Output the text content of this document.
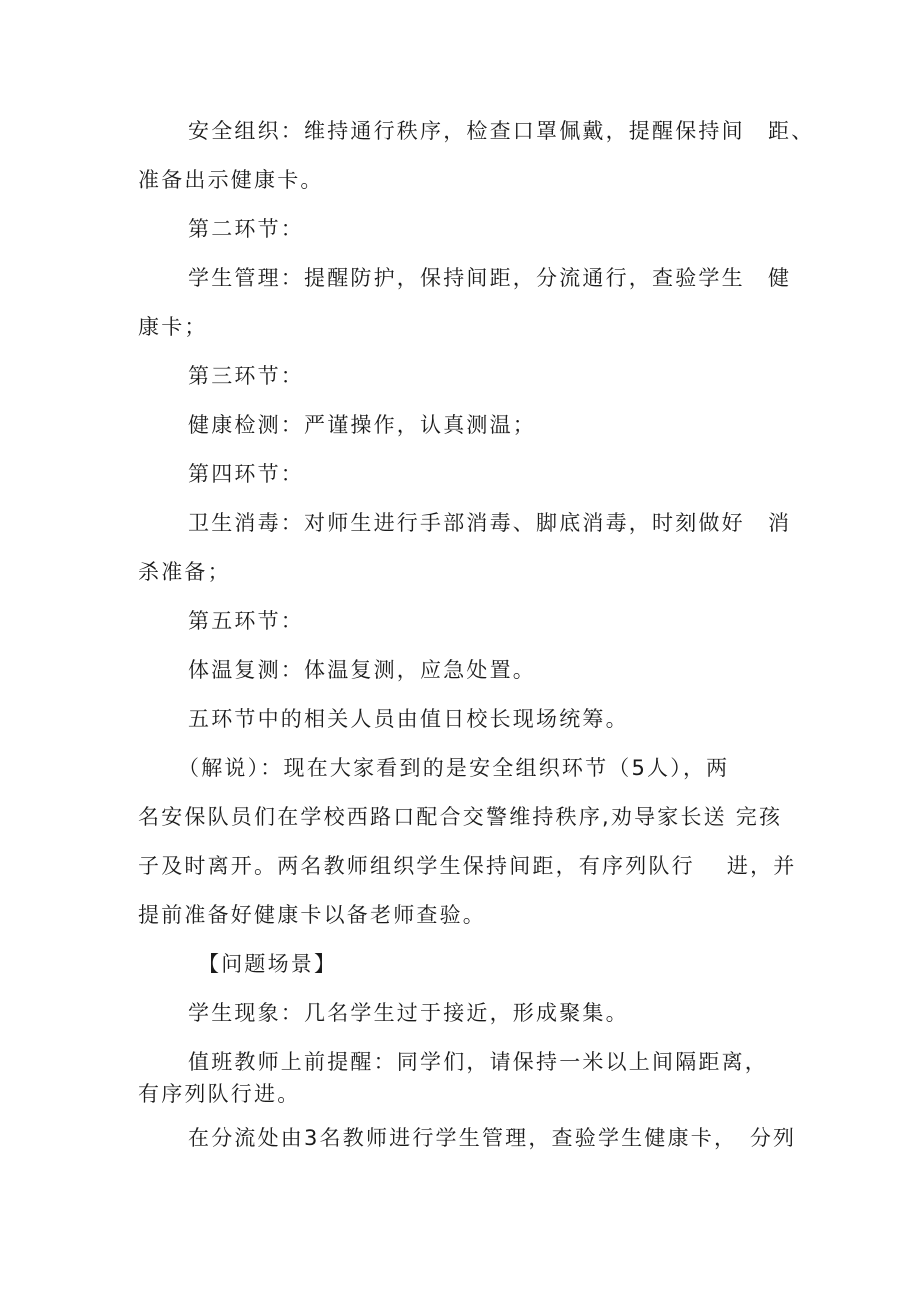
安全组织：维持通行秩序，检查口罩佩戴，提醒保持间　距、
准备出示健康卡。
第二环节：
学生管理：提醒防护，保持间距，分流通行，查验学生　健
康卡；
第三环节：
健康检测：严谨操作，认真测温；
第四环节：
卫生消毒：对师生进行手部消毒、脚底消毒，时刻做好　消
杀准备；
第五环节：
体温复测：体温复测，应急处置。
五环节中的相关人员由值日校长现场统筹。
（解说）：现在大家看到的是安全组织环节（5人），两
名安保队员们在学校西路口配合交警维持秩序,劝导家长送 完孩
子及时离开。两名教师组织学生保持间距，有序列队行　 进，并
提前准备好健康卡以备老师查验。
【问题场景】
学生现象：几名学生过于接近，形成聚集。
值班教师上前提醒：同学们，请保持一米以上间隔距离，
有序列队行进。
在分流处由3名教师进行学生管理，查验学生健康卡，　分列
